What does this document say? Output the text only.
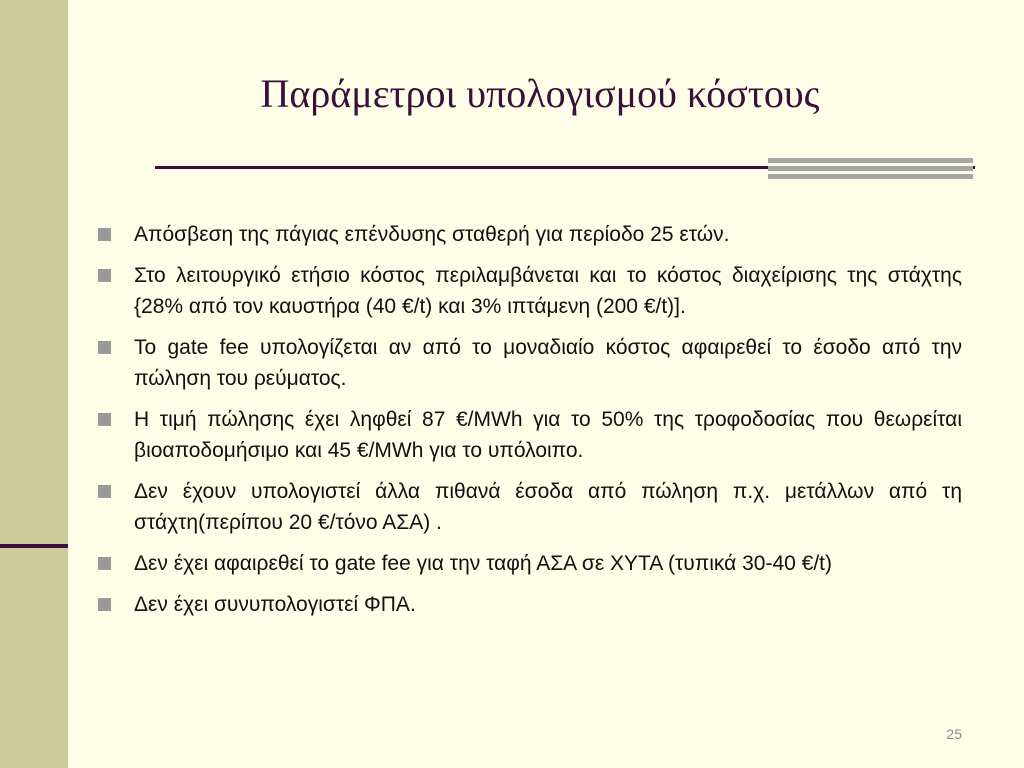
Παράμετροι υπολογισμού κόστους
Απόσβεση της πάγιας επένδυσης σταθερή για περίοδο 25 ετών.
Στο λειτουργικό ετήσιο κόστος περιλαμβάνεται και το κόστος διαχείρισης της στάχτης {28% από τον καυστήρα (40 €/t) και 3% ιπτάμενη (200 €/t)].
Το gate fee υπολογίζεται αν από το μοναδιαίο κόστος αφαιρεθεί το έσοδο από την πώληση του ρεύματος.
Η τιμή πώλησης έχει ληφθεί 87 €/MWh για το 50% της τροφοδοσίας που θεωρείται βιοαποδομήσιμο και 45 €/MWh για το υπόλοιπο.
Δεν έχουν υπολογιστεί άλλα πιθανά έσοδα από πώληση π.χ. μετάλλων από τη στάχτη(περίπου 20 €/τόνο ΑΣΑ) .
Δεν έχει αφαιρεθεί το gate fee για την ταφή ΑΣΑ σε ΧΥΤΑ (τυπικά 30-40 €/t)
Δεν έχει συνυπολογιστεί ΦΠΑ.
25
